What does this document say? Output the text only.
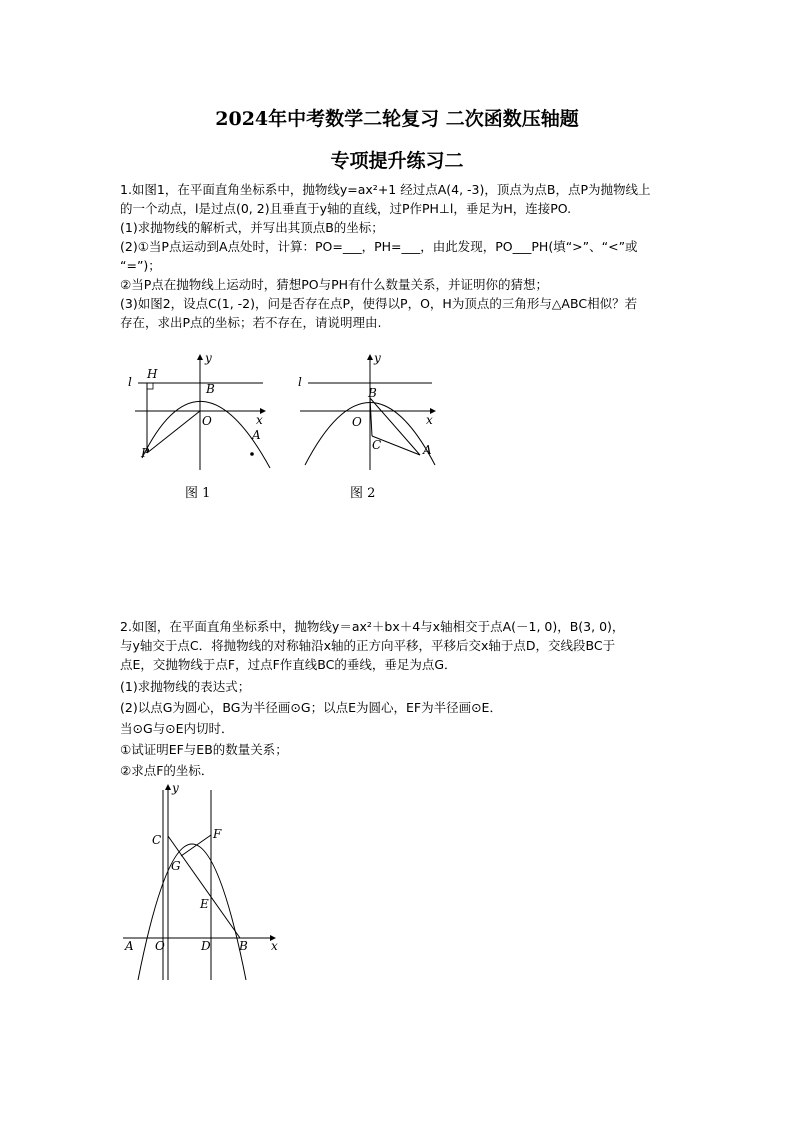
2024年中考数学二轮复习 二次函数压轴题
专项提升练习二
1.如图1，在平面直角坐标系中，抛物线y=ax²+1 经过点A(4, -3)，顶点为点B，点P为抛物线上
的一个动点，l是过点(0, 2)且垂直于y轴的直线，过P作PH⊥l，垂足为H，连接PO.
(1)求抛物线的解析式，并写出其顶点B的坐标；
(2)①当P点运动到A点处时，计算：PO=___，PH=___，由此发现，PO___PH(填“>”、“<”或
“=”)；
②当P点在抛物线上运动时，猜想PO与PH有什么数量关系，并证明你的猜想；
(3)如图2，设点C(1, -2)，问是否存在点P，使得以P，O，H为顶点的三角形与△ABC相似？若
存在，求出P点的坐标；若不存在，请说明理由.
l
H
y
B
O	x
A
P
图 1
l
y
B
O	x
C	A
图 2
2.如图，在平面直角坐标系中，抛物线y＝ax²＋bx＋4与x轴相交于点A(－1, 0)，B(3, 0)，
与y轴交于点C．将抛物线的对称轴沿x轴的正方向平移，平移后交x轴于点D，交线段BC于
点E，交抛物线于点F，过点F作直线BC的垂线，垂足为点G．
(1)求抛物线的表达式；
(2)以点G为圆心，BG为半径画⊙G；以点E为圆心，EF为半径画⊙E．
当⊙G与⊙E内切时．
①试证明EF与EB的数量关系；
②求点F的坐标．
y
C	F
G
E
A O	D B x
